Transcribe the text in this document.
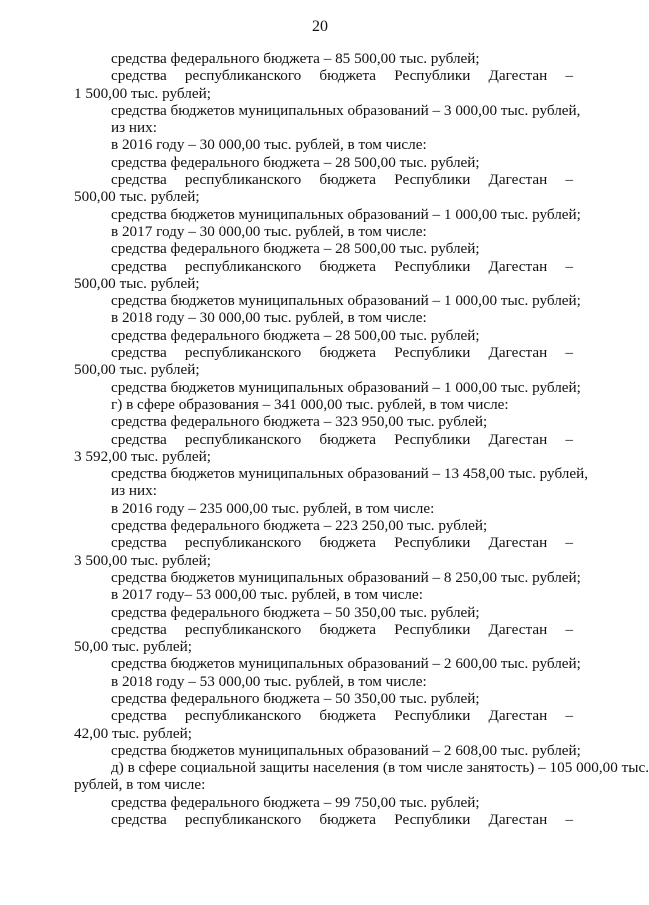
20
средства федерального бюджета – 85 500,00 тыс. рублей;
средства республиканского бюджета Республики Дагестан –
1 500,00 тыс. рублей;
средства бюджетов муниципальных образований – 3 000,00 тыс. рублей,
из них:
в 2016 году – 30 000,00 тыс. рублей, в том числе:
средства федерального бюджета – 28 500,00 тыс. рублей;
средства республиканского бюджета Республики Дагестан –
500,00 тыс. рублей;
средства бюджетов муниципальных образований – 1 000,00 тыс. рублей;
в 2017 году – 30 000,00 тыс. рублей, в том числе:
средства федерального бюджета – 28 500,00 тыс. рублей;
средства республиканского бюджета Республики Дагестан –
500,00 тыс. рублей;
средства бюджетов муниципальных образований – 1 000,00 тыс. рублей;
в 2018 году – 30 000,00 тыс. рублей, в том числе:
средства федерального бюджета – 28 500,00 тыс. рублей;
средства республиканского бюджета Республики Дагестан –
500,00 тыс. рублей;
средства бюджетов муниципальных образований – 1 000,00 тыс. рублей;
г) в сфере образования – 341 000,00 тыс. рублей, в том числе:
средства федерального бюджета – 323 950,00 тыс. рублей;
средства республиканского бюджета Республики Дагестан –
3 592,00 тыс. рублей;
средства бюджетов муниципальных образований – 13 458,00 тыс. рублей,
из них:
в 2016 году – 235 000,00 тыс. рублей, в том числе:
средства федерального бюджета – 223 250,00 тыс. рублей;
средства республиканского бюджета Республики Дагестан –
3 500,00 тыс. рублей;
средства бюджетов муниципальных образований – 8 250,00 тыс. рублей;
в 2017 году– 53 000,00 тыс. рублей, в том числе:
средства федерального бюджета – 50 350,00 тыс. рублей;
средства республиканского бюджета Республики Дагестан –
50,00 тыс. рублей;
средства бюджетов муниципальных образований – 2 600,00 тыс. рублей;
в 2018 году – 53 000,00 тыс. рублей, в том числе:
средства федерального бюджета – 50 350,00 тыс. рублей;
средства республиканского бюджета Республики Дагестан –
42,00 тыс. рублей;
средства бюджетов муниципальных образований – 2 608,00 тыс. рублей;
д) в сфере социальной защиты населения (в том числе занятость) – 105 000,00 тыс.
рублей, в том числе:
средства федерального бюджета – 99 750,00 тыс. рублей;
средства республиканского бюджета Республики Дагестан –
